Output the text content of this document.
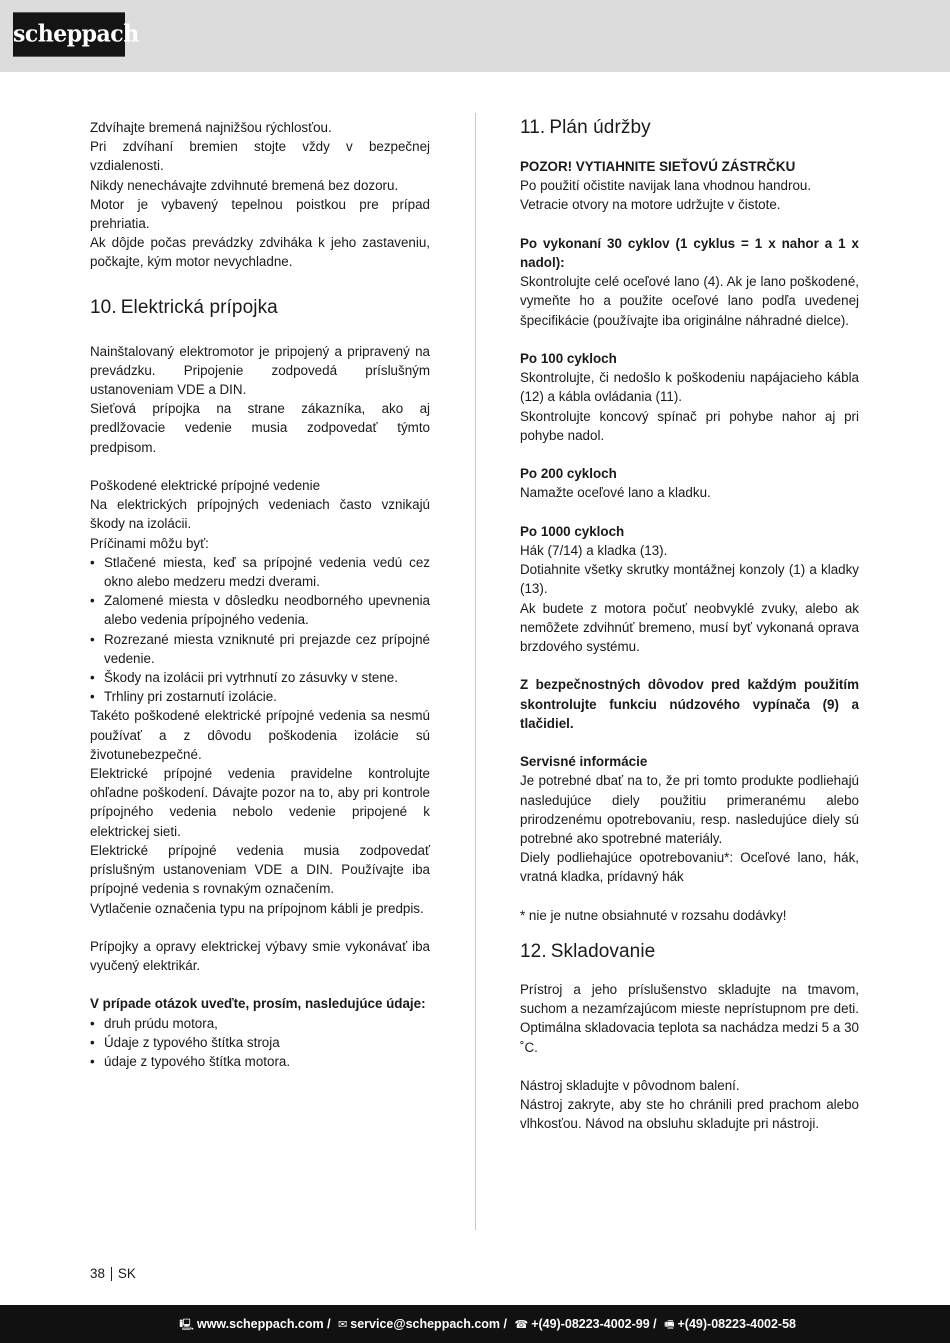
scheppach

Zdvíhajte bremená najnižšou rýchlosťou.

Pri zdvíhaní bremien stojte vždy v bezpečnej vzdialenosti.

Nikdy nenechávajte zdvihnuté bremená bez dozoru.

Motor je vybavený tepelnou poistkou pre prípad prehriatia.

Ak dôjde počas prevádzky zdviháka k jeho zastaveniu, počkajte, kým motor nevychladne.

10. Elektrická prípojka

Nainštalovaný elektromotor je pripojený a pripravený na prevádzku. Pripojenie zodpovedá príslušným ustanoveniam VDE a DIN.

Sieťová prípojka na strane zákazníka, ako aj predlžovacie vedenie musia zodpovedať týmto predpisom.

Poškodené elektrické prípojné vedenie

Na elektrických prípojných vedeniach často vznikajú škody na izolácii.

Príčinami môžu byť:

• Stlačené miesta, keď sa prípojné vedenia vedú cez okno alebo medzeru medzi dverami.
• Zalomené miesta v dôsledku neodborného upevnenia alebo vedenia prípojného vedenia.
• Rozrezané miesta vzniknuté pri prejazde cez prípojné vedenie.
• Škody na izolácii pri vytrhnutí zo zásuvky v stene.
• Trhliny pri zostarnutí izolácie.

Takéto poškodené elektrické prípojné vedenia sa nesmú používať a z dôvodu poškodenia izolácie sú životunebezpečné.

Elektrické prípojné vedenia pravidelne kontrolujte ohľadne poškodení. Dávajte pozor na to, aby pri kontrole prípojného vedenia nebolo vedenie pripojené k elektrickej sieti.

Elektrické prípojné vedenia musia zodpovedať príslušným ustanoveniam VDE a DIN. Používajte iba prípojné vedenia s rovnakým označením.

Vytlačenie označenia typu na prípojnom kábli je predpis.

Prípojky a opravy elektrickej výbavy smie vykonávať iba vyučený elektrikár.

V prípade otázok uveďte, prosím, nasledujúce údaje:

• druh prúdu motora,
• Údaje z typového štítka stroja
• údaje z typového štítka motora.
11. Plán údržby

POZOR! VYTIAHNITE SIEŤOVÚ ZÁSTRČKU

Po použití očistite navijak lana vhodnou handrou.

Vetracie otvory na motore udržujte v čistote.

Po vykonaní 30 cyklov (1 cyklus = 1 x nahor a 1 x nadol):

Skontrolujte celé oceľové lano (4). Ak je lano poškodené, vymeňte ho a použite oceľové lano podľa uvedenej špecifikácie (používajte iba originálne náhradné dielce).

Po 100 cykloch

Skontrolujte, či nedošlo k poškodeniu napájacieho kábla (12) a kábla ovládania (11).

Skontrolujte koncový spínač pri pohybe nahor aj pri pohybe nadol.

Po 200 cykloch

Namažte oceľové lano a kladku.

Po 1000 cykloch

Hák (7/14) a kladka (13).

Dotiahnite všetky skrutky montážnej konzoly (1) a kladky (13).

Ak budete z motora počuť neobvyklé zvuky, alebo ak nemôžete zdvihnúť bremeno, musí byť vykonaná oprava brzdového systému.

Z bezpečnostných dôvodov pred každým použitím skontrolujte funkciu núdzového vypínača (9) a tlačidiel.

Servisné informácie

Je potrebné dbať na to, že pri tomto produkte podliehajú nasledujúce diely použitiu primeranému alebo prirodzenému opotrebovaniu, resp. nasledujúce diely sú potrebné ako spotrebné materiály.

Diely podliehajúce opotrebovaniu*: Oceľové lano, hák, vratná kladka, prídavný hák

* nie je nutne obsiahnuté v rozsahu dodávky!

12. Skladovanie

Prístroj a jeho príslušenstvo skladujte na tmavom, suchom a nezamŕzajúcom mieste neprístupnom pre deti. Optimálna skladovacia teplota sa nachádza medzi 5 a 30 ˚C.

Nástroj skladujte v pôvodnom balení.

Nástroj zakryte, aby ste ho chránili pred prachom alebo vlhkosťou. Návod na obsluhu skladujte pri nástroji.

38 SK
🖳 www.scheppach.com / ✉ service@scheppach.com / ☎ +(49)-08223-4002-99 / 🖷 +(49)-08223-4002-58
